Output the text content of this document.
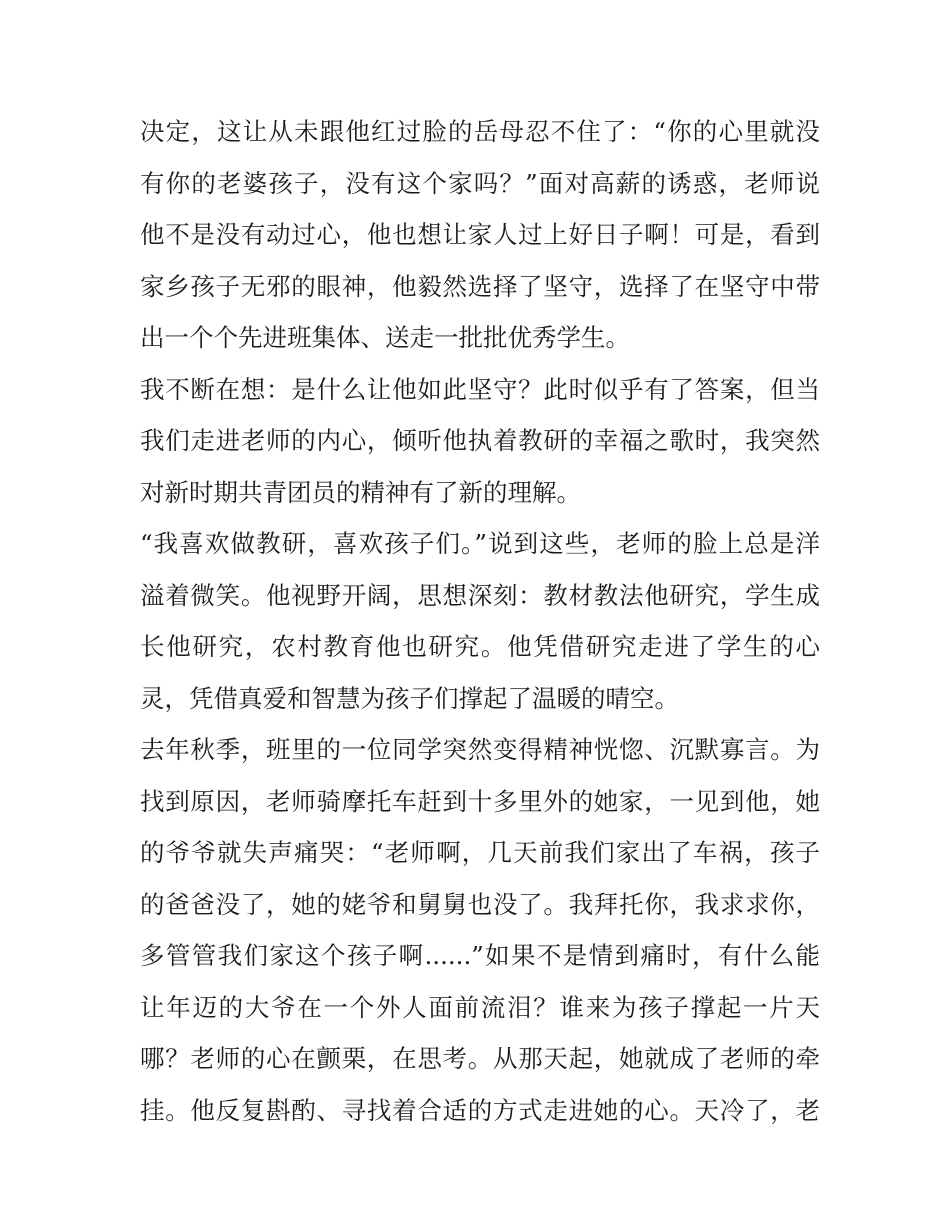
决定，这让从未跟他红过脸的岳母忍不住了：“你的心里就没
有你的老婆孩子，没有这个家吗？”面对高薪的诱惑，老师说
他不是没有动过心，他也想让家人过上好日子啊！可是，看到
家乡孩子无邪的眼神，他毅然选择了坚守，选择了在坚守中带
出一个个先进班集体、送走一批批优秀学生。
我不断在想：是什么让他如此坚守？此时似乎有了答案，但当
我们走进老师的内心，倾听他执着教研的幸福之歌时，我突然
对新时期共青团员的精神有了新的理解。
“我喜欢做教研，喜欢孩子们。”说到这些，老师的脸上总是洋
溢着微笑。他视野开阔，思想深刻：教材教法他研究，学生成
长他研究，农村教育他也研究。他凭借研究走进了学生的心
灵，凭借真爱和智慧为孩子们撑起了温暖的晴空。
去年秋季，班里的一位同学突然变得精神恍惚、沉默寡言。为
找到原因，老师骑摩托车赶到十多里外的她家，一见到他，她
的爷爷就失声痛哭：“老师啊，几天前我们家出了车祸，孩子
的爸爸没了，她的姥爷和舅舅也没了。我拜托你，我求求你，
多管管我们家这个孩子啊......”如果不是情到痛时，有什么能
让年迈的大爷在一个外人面前流泪？谁来为孩子撑起一片天
哪？老师的心在颤栗，在思考。从那天起，她就成了老师的牵
挂。他反复斟酌、寻找着合适的方式走进她的心。天冷了，老
